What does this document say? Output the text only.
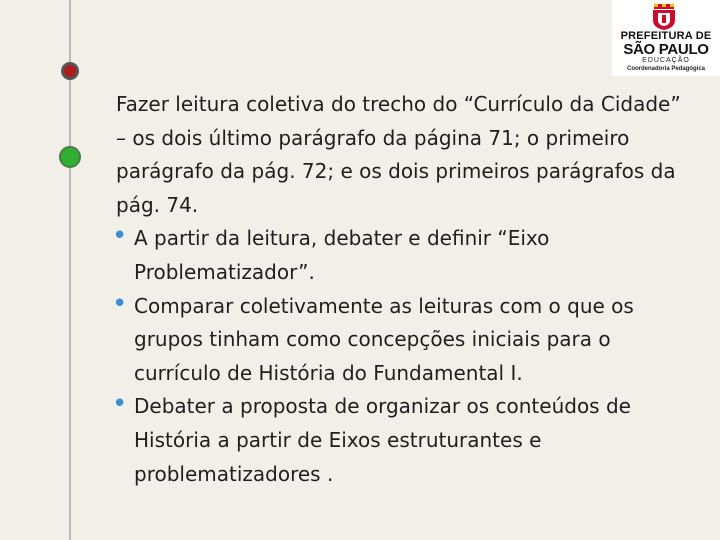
PREFEITURA DE
SÃO PAULO
EDUCAÇÃO
Coordenadoria Pedagógica

Fazer leitura coletiva do trecho do “Currículo da Cidade” – os dois último parágrafo da página 71; o primeiro parágrafo da pág. 72; e os dois primeiros parágrafos da pág. 74.

• A partir da leitura, debater e definir “Eixo Problematizador”.
• Comparar coletivamente as leituras com o que os grupos tinham como concepções iniciais para o currículo de História do Fundamental I.
• Debater a proposta de organizar os conteúdos de História a partir de Eixos estruturantes e problematizadores .
